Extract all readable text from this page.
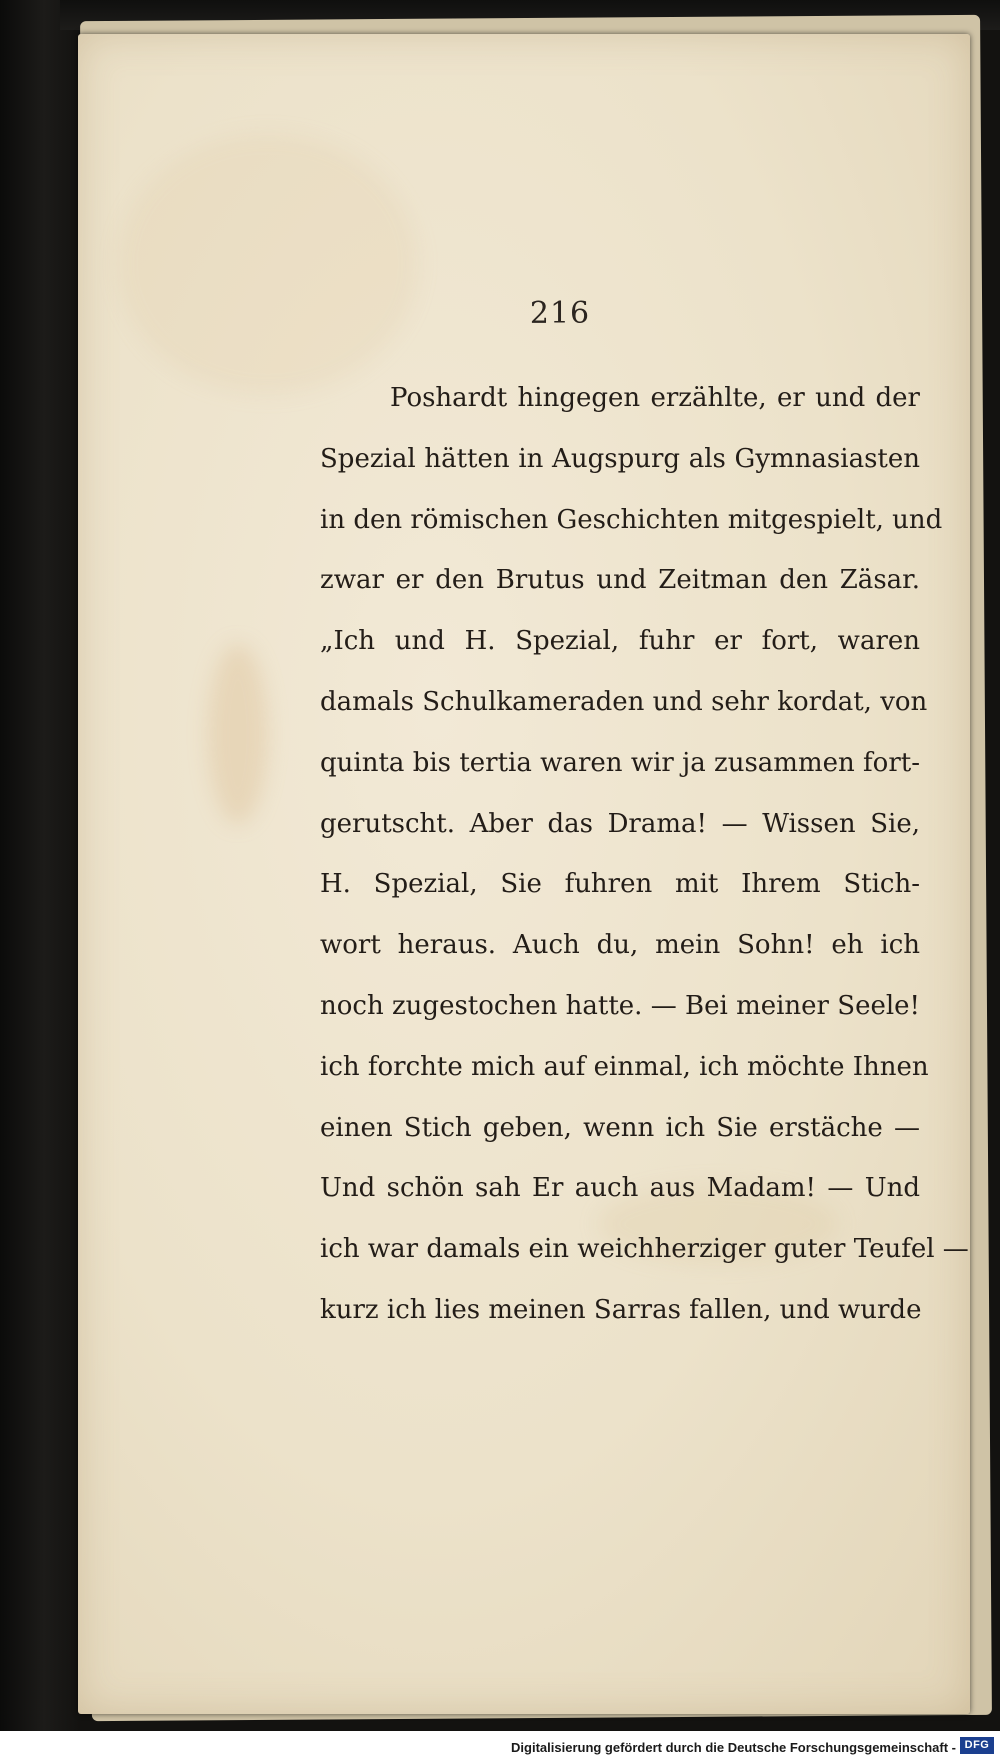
216
Poshardt hingegen erzählte, er und der
Spezial hätten in Augspurg als Gymnasiasten
in den römischen Geschichten mitgespielt, und
zwar er den Brutus und Zeitman den Zäsar.
„Ich und H. Spezial, fuhr er fort, waren
damals Schulkameraden und sehr kordat, von
quinta bis tertia waren wir ja zusammen fort-
gerutscht. Aber das Drama! — Wissen Sie,
H. Spezial, Sie fuhren mit Ihrem Stich-
wort heraus. Auch du, mein Sohn! eh ich
noch zugestochen hatte. — Bei meiner Seele!
ich forchte mich auf einmal, ich möchte Ihnen
einen Stich geben, wenn ich Sie erstäche —
Und schön sah Er auch aus Madam! — Und
ich war damals ein weichherziger guter Teufel —
kurz ich lies meinen Sarras fallen, und wurde
Digitalisierung gefördert durch die Deutsche Forschungsgemeinschaft - DFG
